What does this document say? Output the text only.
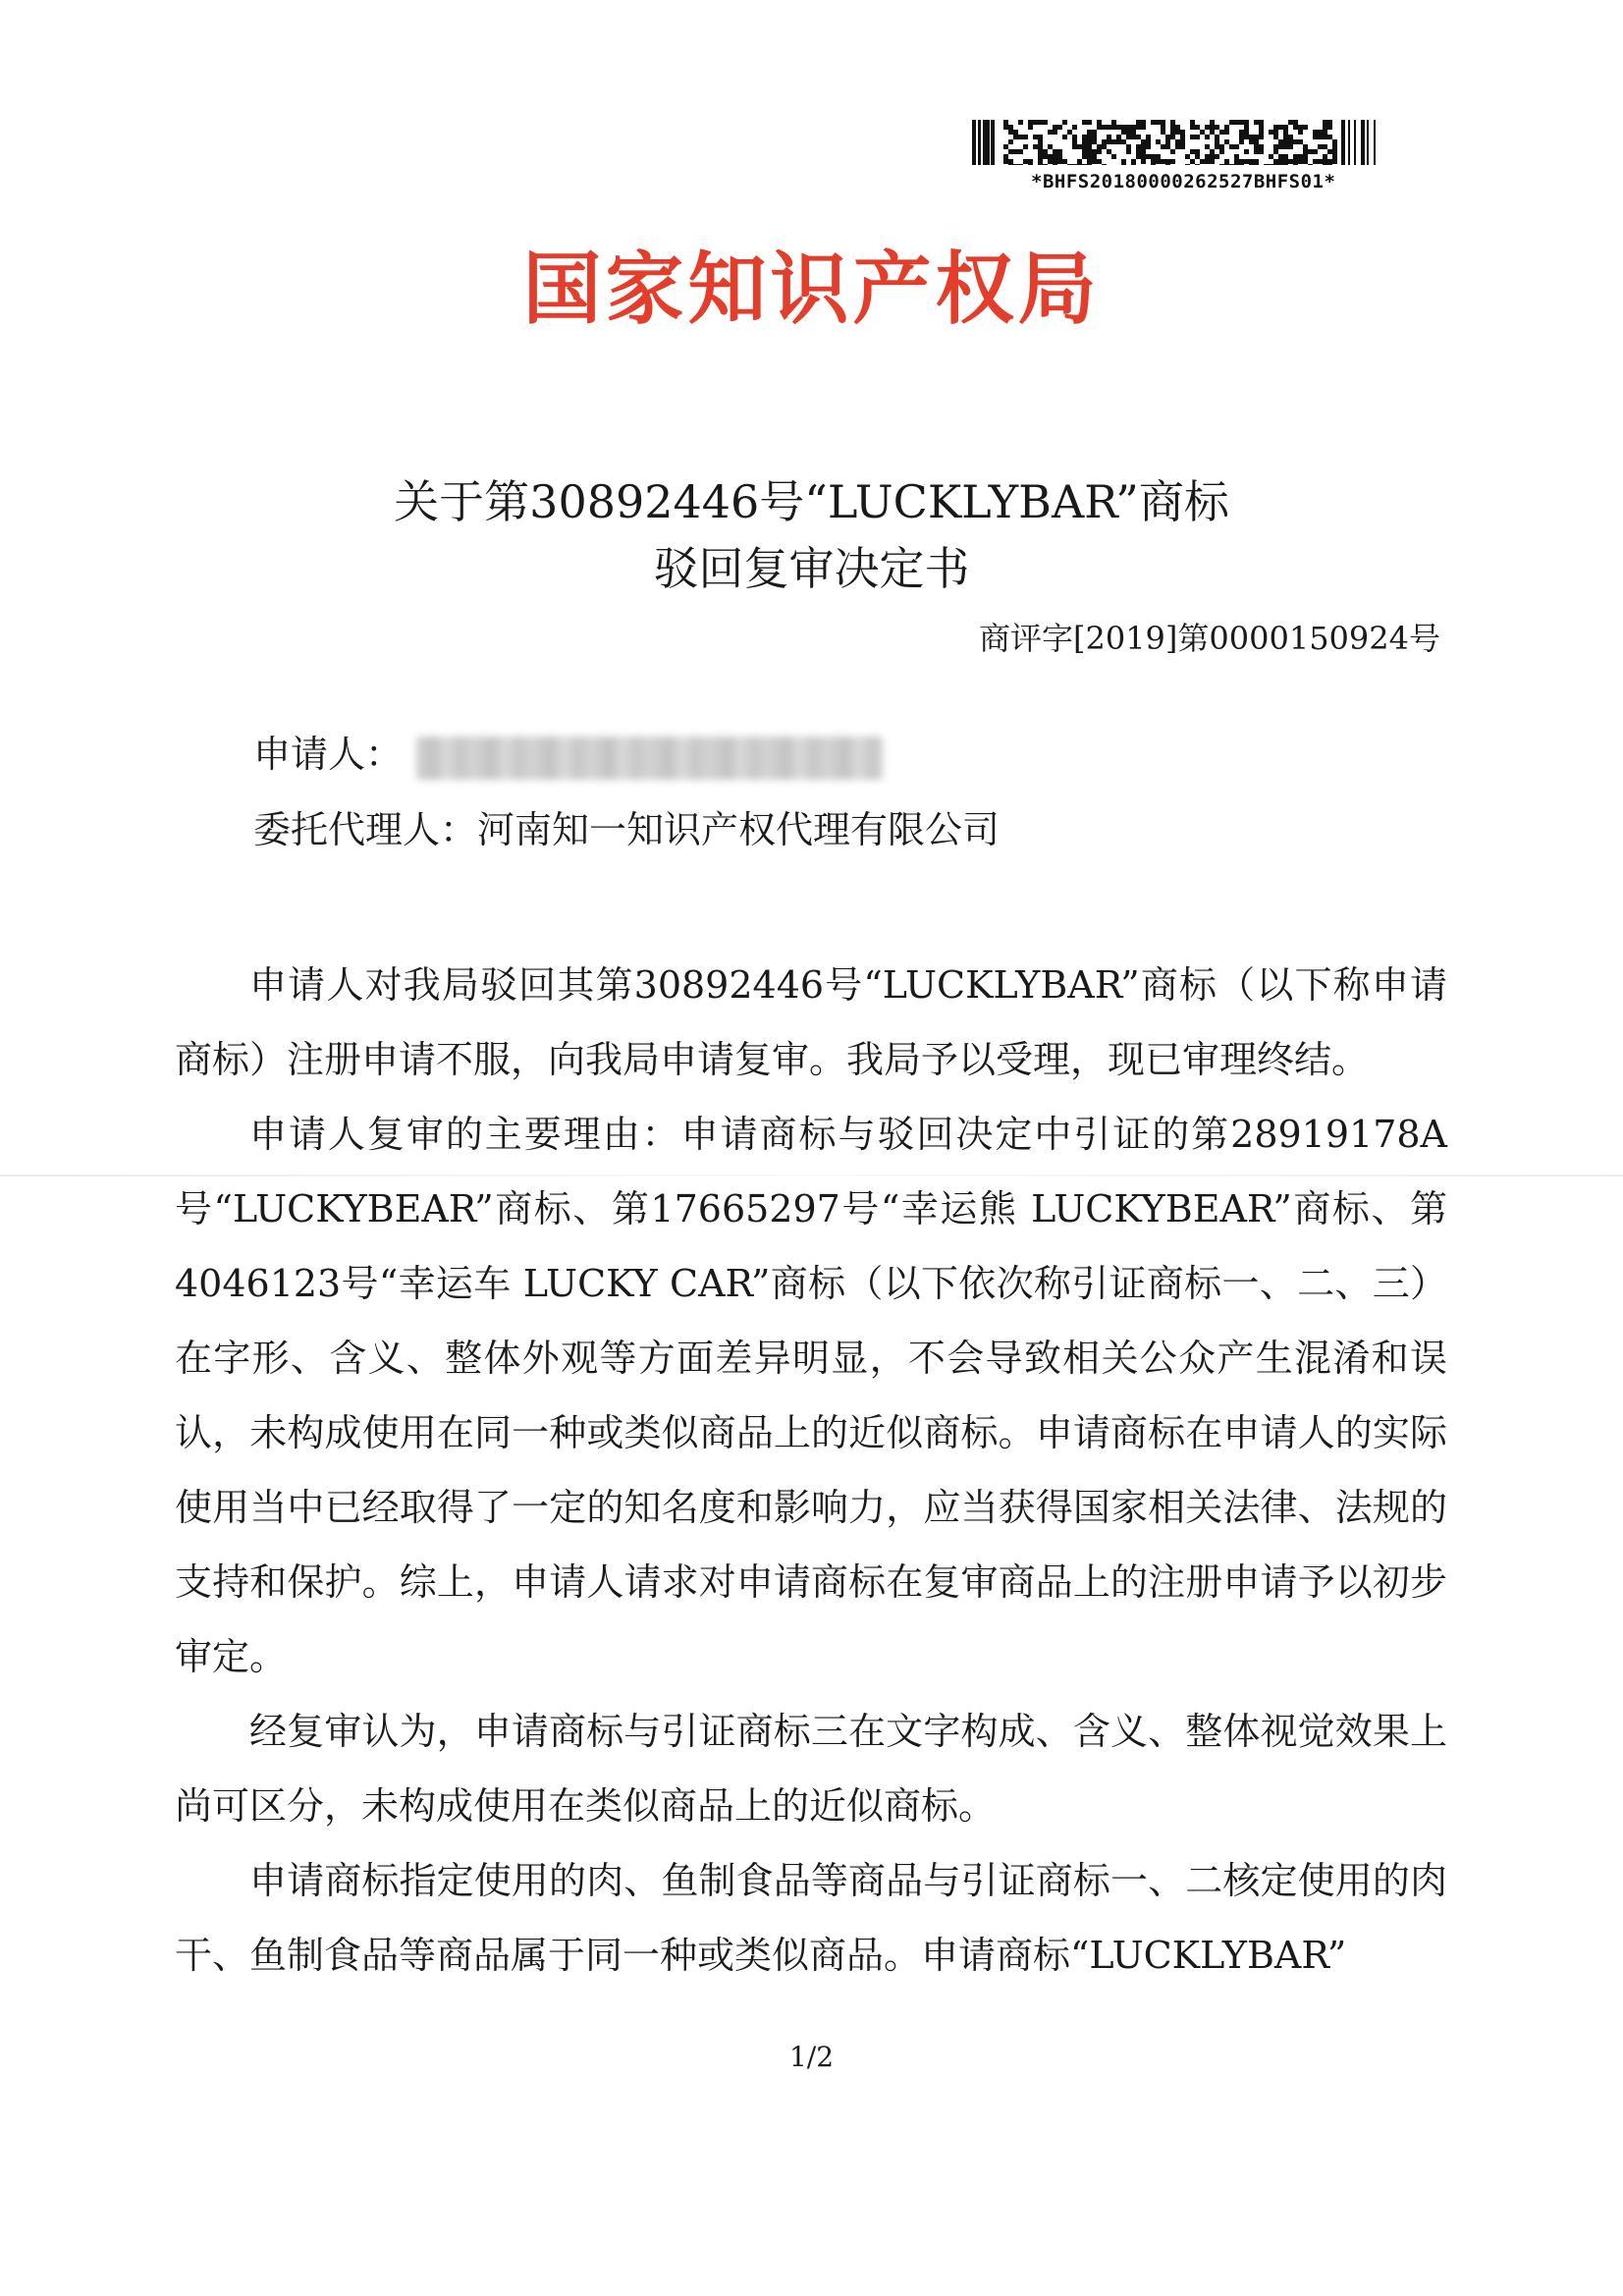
*BHFS20180000262527BHFS01*
国家知识产权局
关于第30892446号“LUCKLYBAR”商标
驳回复审决定书
商评字[2019]第0000150924号
申请人：
委托代理人：河南知一知识产权代理有限公司

申请人对我局驳回其第30892446号“LUCKLYBAR”商标（以下称申请商标）注册申请不服，向我局申请复审。我局予以受理，现已审理终结。

申请人复审的主要理由：申请商标与驳回决定中引证的第28919178A号“LUCKYBEAR”商标、第17665297号“幸运熊 LUCKYBEAR”商标、第4046123号“幸运车 LUCKY CAR”商标（以下依次称引证商标一、二、三）在字形、含义、整体外观等方面差异明显，不会导致相关公众产生混淆和误认，未构成使用在同一种或类似商品上的近似商标。申请商标在申请人的实际使用当中已经取得了一定的知名度和影响力，应当获得国家相关法律、法规的支持和保护。综上，申请人请求对申请商标在复审商品上的注册申请予以初步审定。

经复审认为，申请商标与引证商标三在文字构成、含义、整体视觉效果上尚可区分，未构成使用在类似商品上的近似商标。

申请商标指定使用的肉、鱼制食品等商品与引证商标一、二核定使用的肉干、鱼制食品等商品属于同一种或类似商品。申请商标“LUCKLYBAR”

1/2
